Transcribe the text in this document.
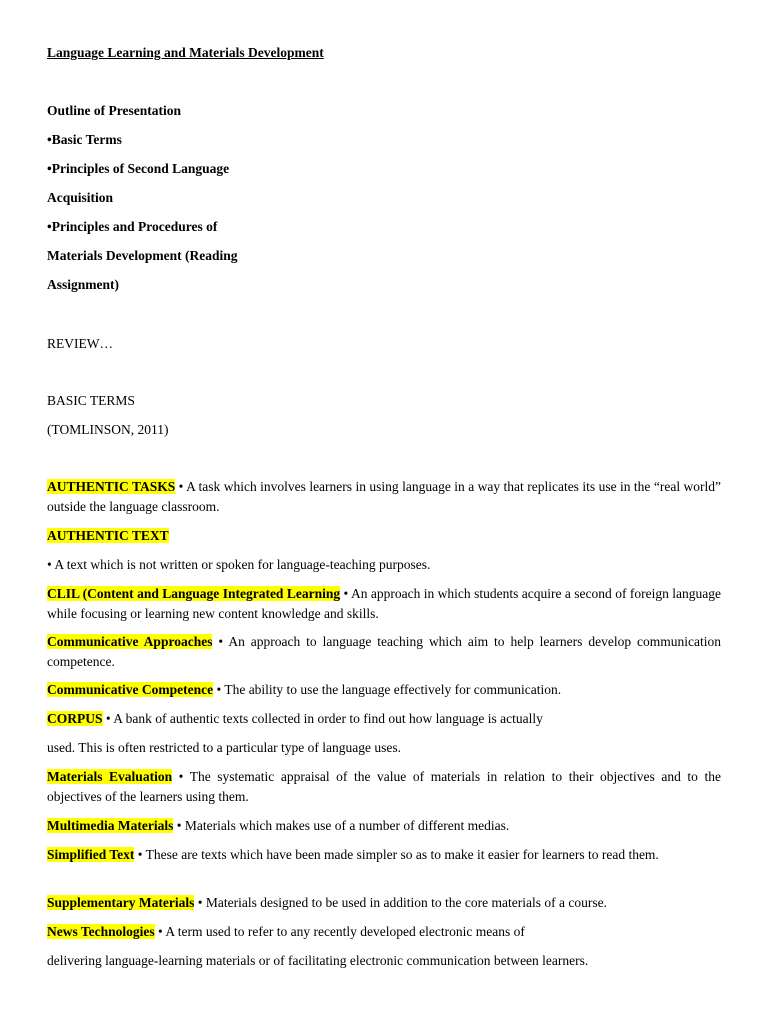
Language Learning and Materials Development
Outline of Presentation
•Basic Terms
•Principles of Second Language
Acquisition
•Principles and Procedures of
Materials Development (Reading
Assignment)
REVIEW…
BASIC TERMS
(TOMLINSON, 2011)
AUTHENTIC TASKS • A task which involves learners in using language in a way that replicates its use in the “real world” outside the language classroom.
AUTHENTIC TEXT
• A text which is not written or spoken for language-teaching purposes.
CLIL (Content and Language Integrated Learning • An approach in which students acquire a second of foreign language while focusing or learning new content knowledge and skills.
Communicative Approaches • An approach to language teaching which aim to help learners develop communication competence.
Communicative Competence • The ability to use the language effectively for communication.
CORPUS • A bank of authentic texts collected in order to find out how language is actually
used. This is often restricted to a particular type of language uses.
Materials Evaluation • The systematic appraisal of the value of materials in relation to their objectives and to the objectives of the learners using them.
Multimedia Materials • Materials which makes use of a number of different medias.
Simplified Text • These are texts which have been made simpler so as to make it easier for learners to read them.
Supplementary Materials • Materials designed to be used in addition to the core materials of a course.
News Technologies • A term used to refer to any recently developed electronic means of
delivering language-learning materials or of facilitating electronic communication between learners.
